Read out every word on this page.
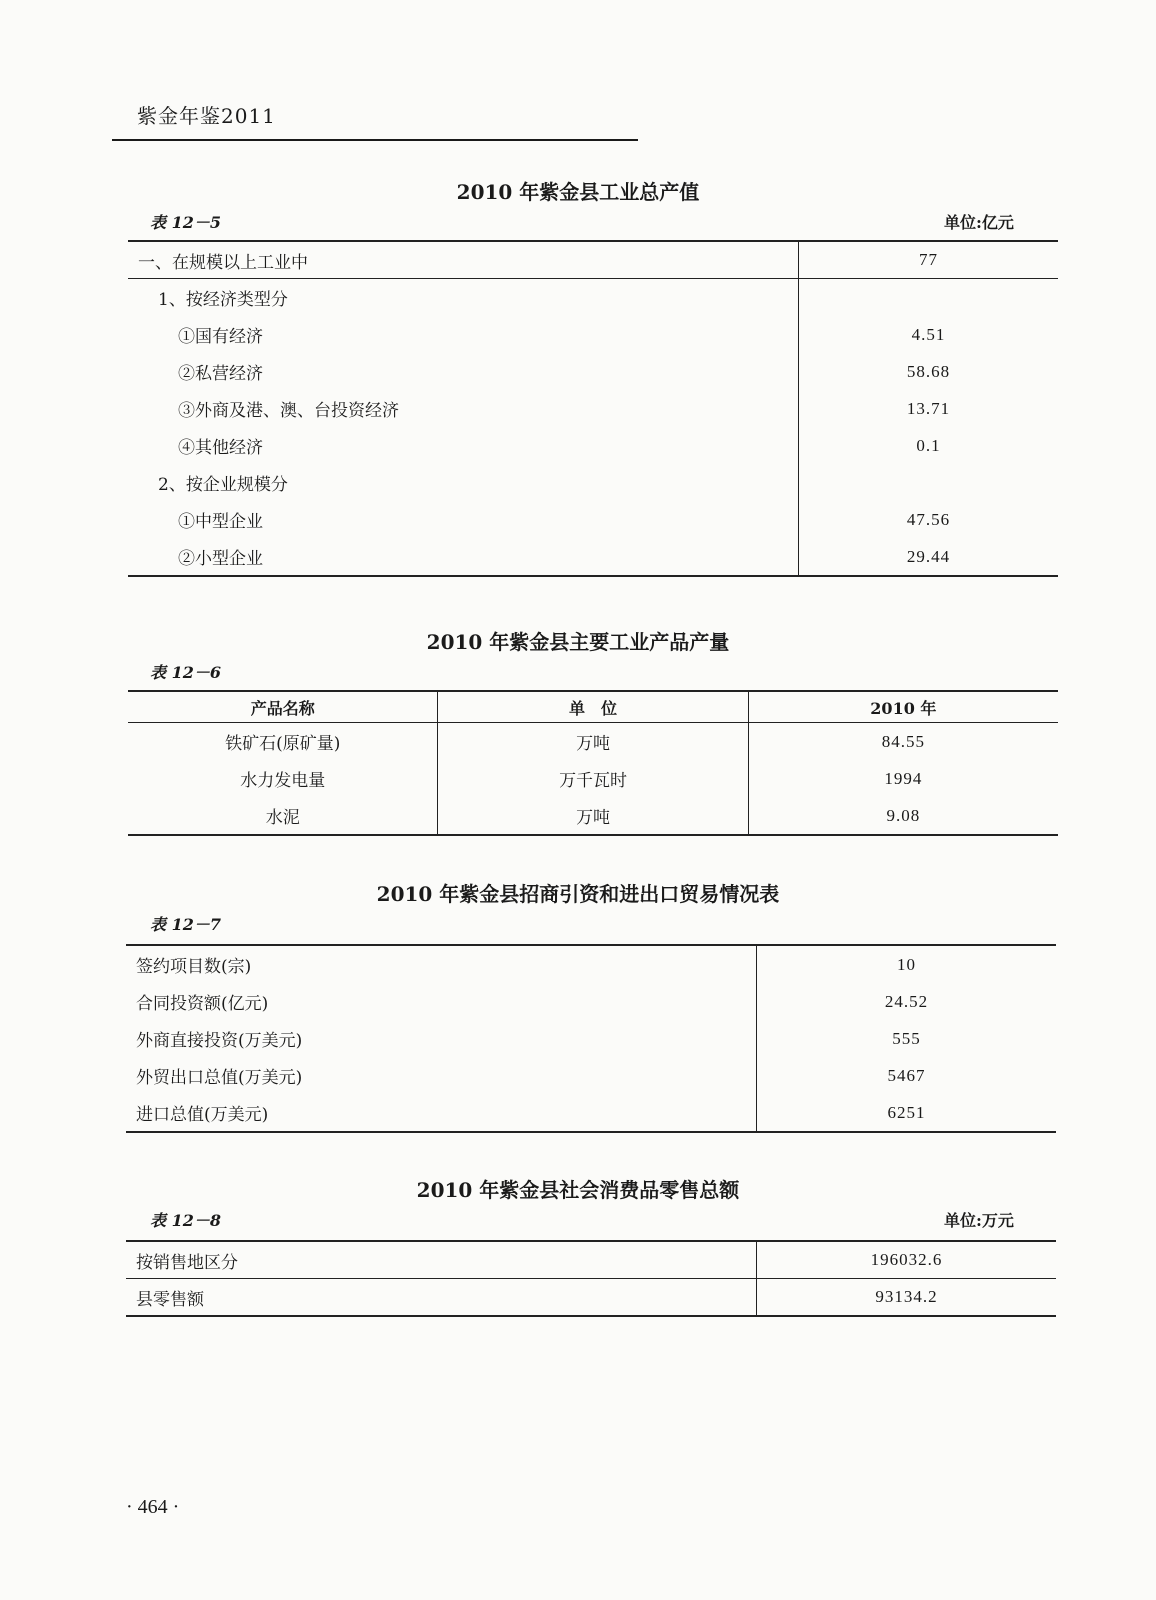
紫金年鉴2011
2010 年紫金县工业总产值
表 12－5	单位:亿元
一、在规模以上工业中	77
1、按经济类型分	
①国有经济	4.51
②私营经济	58.68
③外商及港、澳、台投资经济	13.71
④其他经济	0.1
2、按企业规模分	
①中型企业	47.56
②小型企业	29.44
2010 年紫金县主要工业产品产量
表 12－6
产品名称	单　位	2010 年
铁矿石(原矿量)	万吨	84.55
水力发电量	万千瓦时	1994
水泥	万吨	9.08
2010 年紫金县招商引资和进出口贸易情况表
表 12－7
签约项目数(宗)	10
合同投资额(亿元)	24.52
外商直接投资(万美元)	555
外贸出口总值(万美元)	5467
进口总值(万美元)	6251
2010 年紫金县社会消费品零售总额
表 12－8	单位:万元
按销售地区分	196032.6
县零售额	93134.2
· 464 ·
